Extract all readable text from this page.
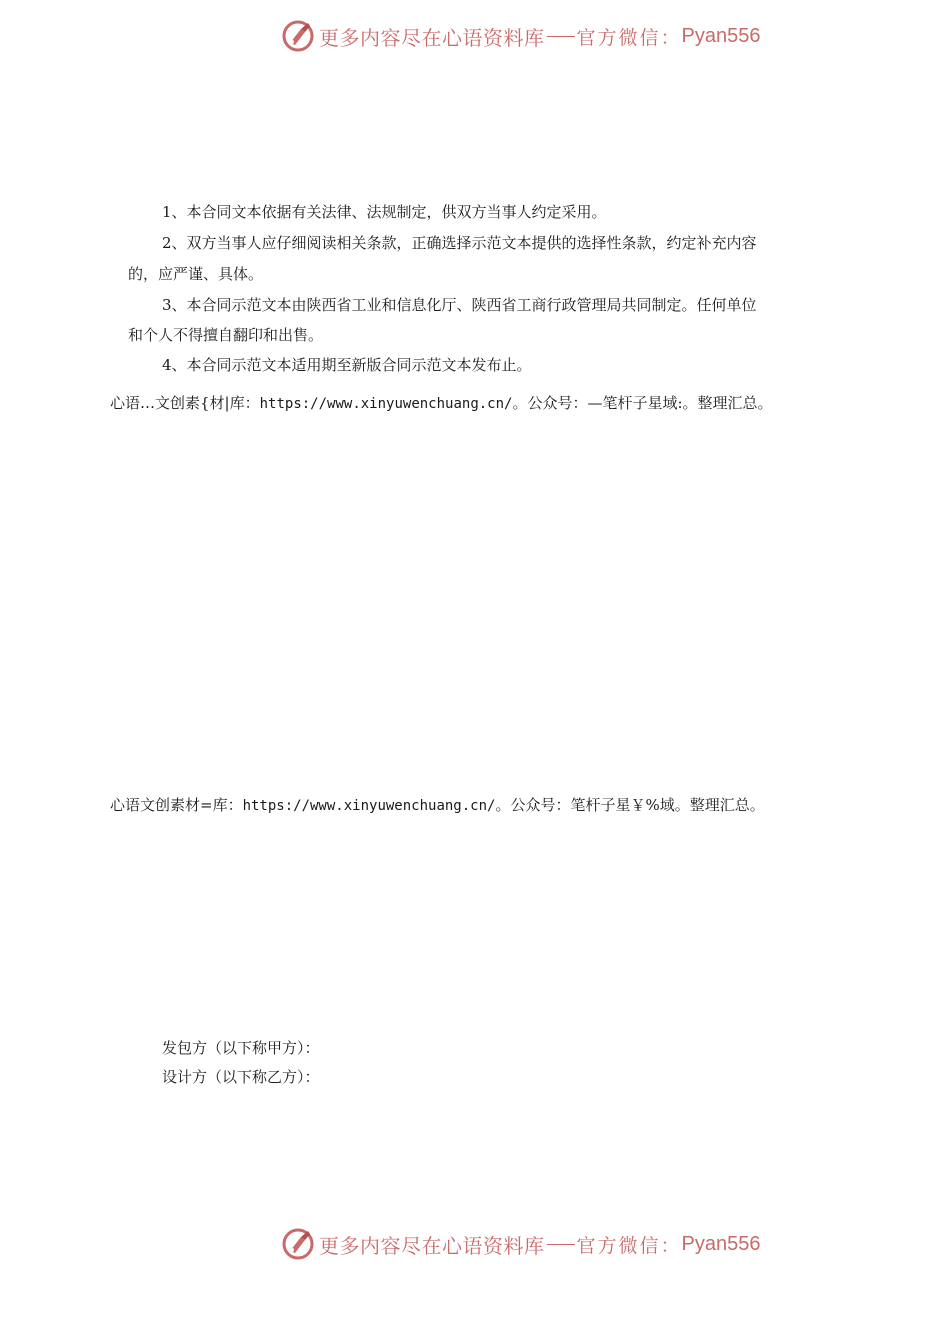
更多内容尽在心语资料库 官方微信： Pyan556
1、本合同文本依据有关法律、法规制定，供双方当事人约定采用。
2、双方当事人应仔细阅读相关条款，正确选择示范文本提供的选择性条款，约定补充内容
的，应严谨、具体。
3、本合同示范文本由陕西省工业和信息化厅、陕西省工商行政管理局共同制定。任何单位
和个人不得擅自翻印和出售。
4、本合同示范文本适用期至新版合同示范文本发布止。
心语…文创素{材|库：https://www.xinyuwenchuang.cn/。公众号：—笔杆子星域:。整理汇总。
心语文创素材=库：https://www.xinyuwenchuang.cn/。公众号：笔杆子星￥%域。整理汇总。
发包方（以下称甲方）：
设计方（以下称乙方）：
更多内容尽在心语资料库 官方微信： Pyan556
